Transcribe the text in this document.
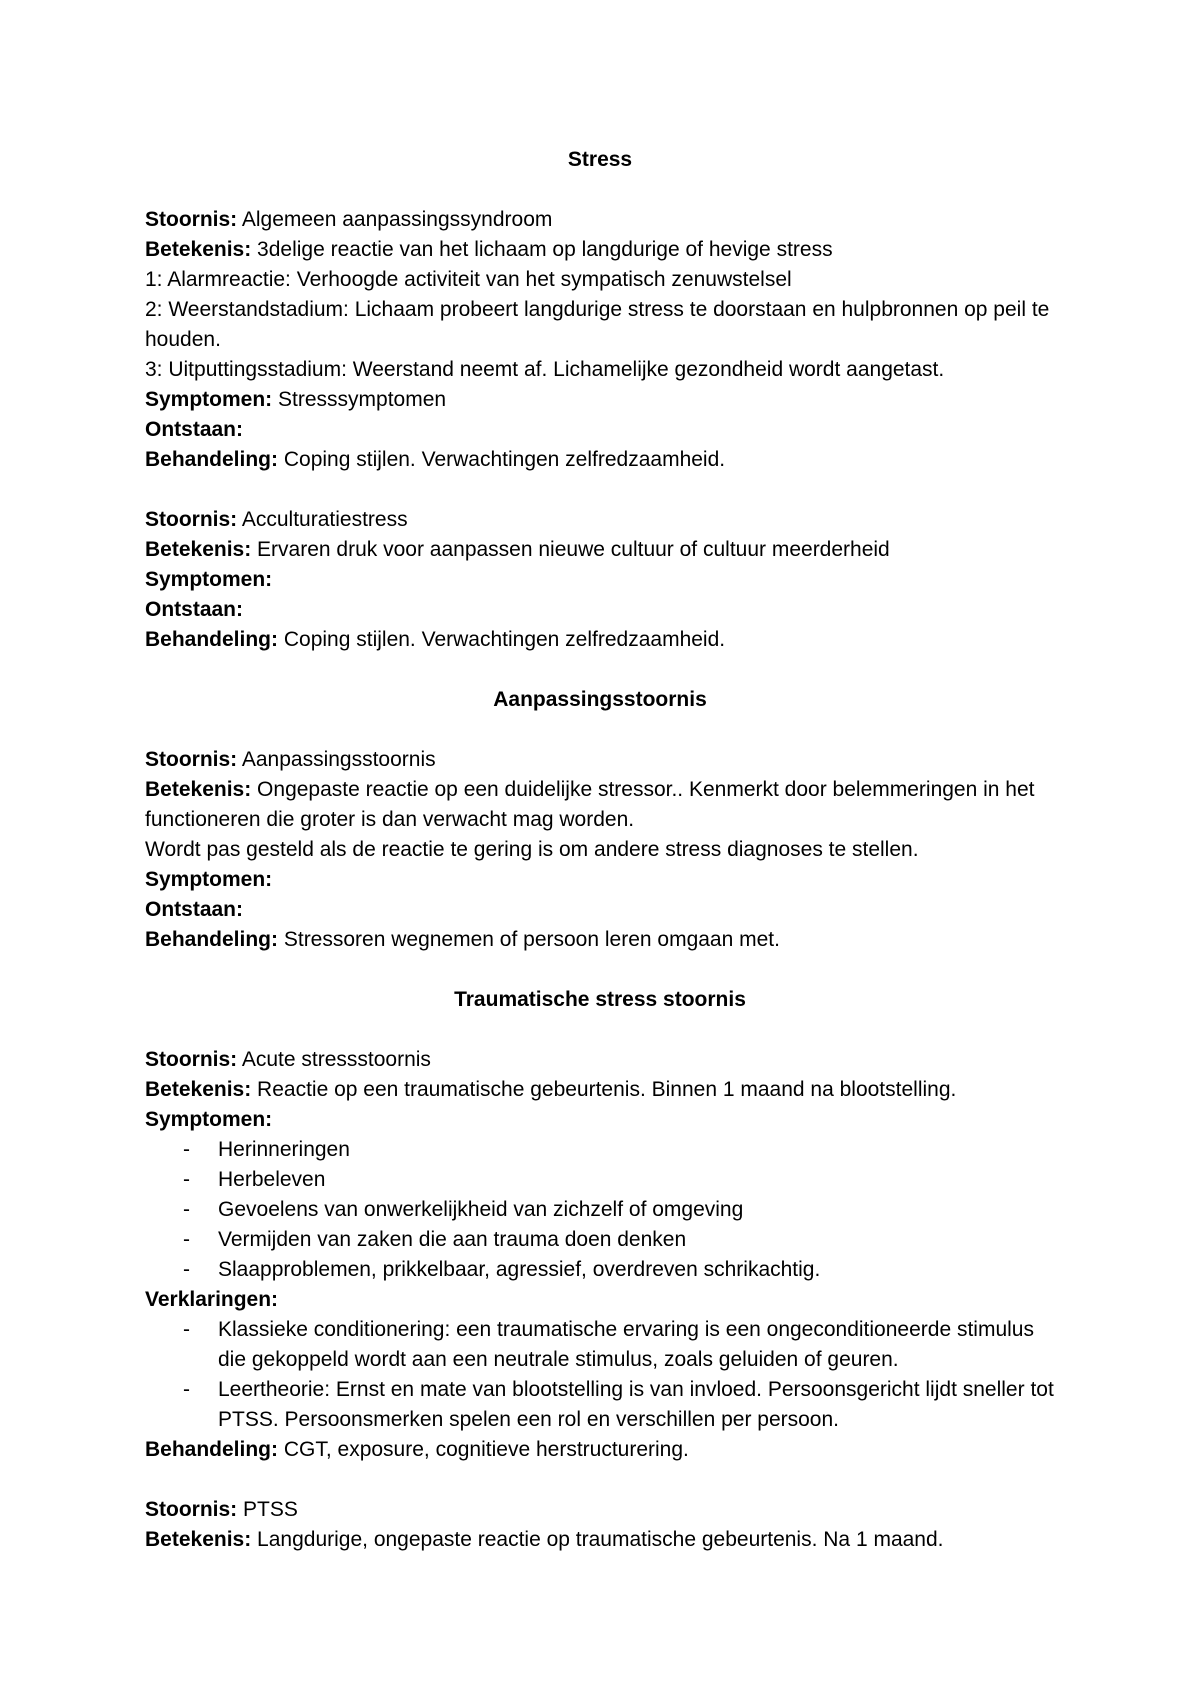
Stress
Stoornis: Algemeen aanpassingssyndroom
Betekenis: 3delige reactie van het lichaam op langdurige of hevige stress
1: Alarmreactie: Verhoogde activiteit van het sympatisch zenuwstelsel
2: Weerstandstadium: Lichaam probeert langdurige stress te doorstaan en hulpbronnen op peil te houden.
3: Uitputtingsstadium: Weerstand neemt af. Lichamelijke gezondheid wordt aangetast.
Symptomen: Stresssymptomen
Ontstaan:
Behandeling: Coping stijlen. Verwachtingen zelfredzaamheid.
Stoornis: Acculturatiestress
Betekenis: Ervaren druk voor aanpassen nieuwe cultuur of cultuur meerderheid
Symptomen:
Ontstaan:
Behandeling: Coping stijlen. Verwachtingen zelfredzaamheid.
Aanpassingsstoornis
Stoornis: Aanpassingsstoornis
Betekenis: Ongepaste reactie op een duidelijke stressor.. Kenmerkt door belemmeringen in het functioneren die groter is dan verwacht mag worden.
Wordt pas gesteld als de reactie te gering is om andere stress diagnoses te stellen.
Symptomen:
Ontstaan:
Behandeling: Stressoren wegnemen of persoon leren omgaan met.
Traumatische stress stoornis
Stoornis: Acute stressstoornis
Betekenis: Reactie op een traumatische gebeurtenis. Binnen 1 maand na blootstelling.
Symptomen:
- Herinneringen
- Herbeleven
- Gevoelens van onwerkelijkheid van zichzelf of omgeving
- Vermijden van zaken die aan trauma doen denken
- Slaapproblemen, prikkelbaar, agressief, overdreven schrikachtig.
Verklaringen:
- Klassieke conditionering: een traumatische ervaring is een ongeconditioneerde stimulus die gekoppeld wordt aan een neutrale stimulus, zoals geluiden of geuren.
- Leertheorie: Ernst en mate van blootstelling is van invloed. Persoonsgericht lijdt sneller tot PTSS. Persoonsmerken spelen een rol en verschillen per persoon.
Behandeling: CGT, exposure, cognitieve herstructurering.
Stoornis: PTSS
Betekenis: Langdurige, ongepaste reactie op traumatische gebeurtenis. Na 1 maand.
